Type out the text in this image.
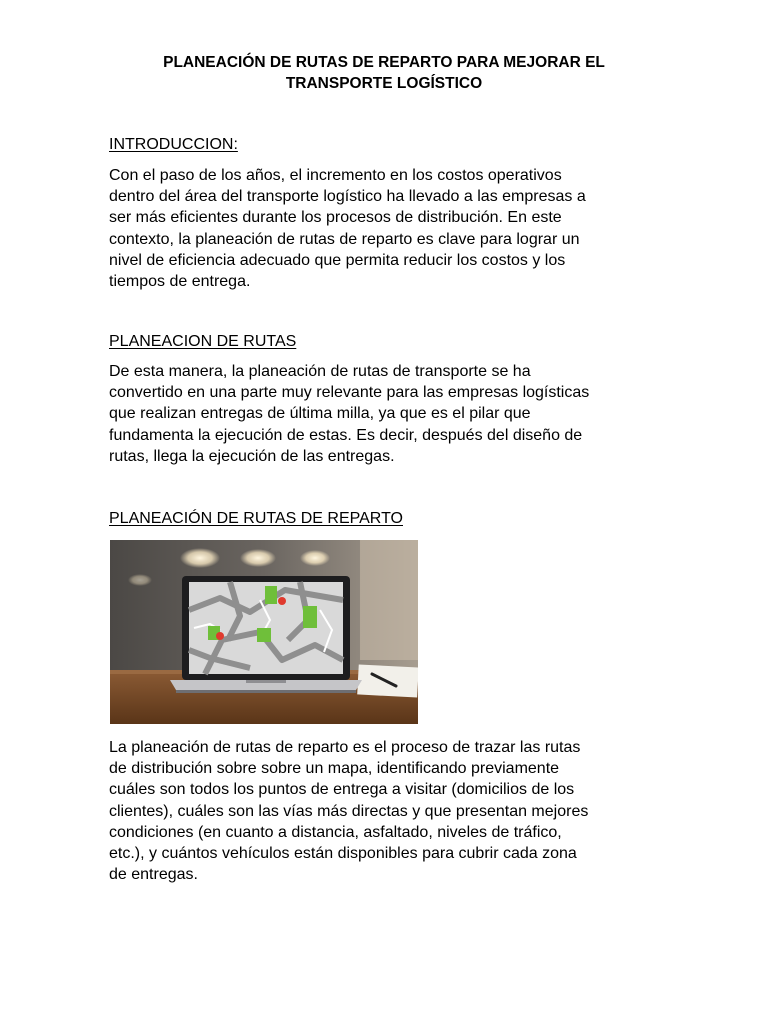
PLANEACIÓN DE RUTAS DE REPARTO PARA MEJORAR EL
TRANSPORTE LOGÍSTICO
INTRODUCCION:

Con el paso de los años, el incremento en los costos operativos
dentro del área del transporte logístico ha llevado a las empresas a
ser más eficientes durante los procesos de distribución. En este
contexto, la planeación de rutas de reparto es clave para lograr un
nivel de eficiencia adecuado que permita reducir los costos y los
tiempos de entrega.

PLANEACION DE RUTAS

De esta manera, la planeación de rutas de transporte se ha
convertido en una parte muy relevante para las empresas logísticas
que realizan entregas de última milla, ya que es el pilar que
fundamenta la ejecución de estas. Es decir, después del diseño de
rutas, llega la ejecución de las entregas.

PLANEACIÓN DE RUTAS DE REPARTO

La planeación de rutas de reparto es el proceso de trazar las rutas
de distribución sobre sobre un mapa, identificando previamente
cuáles son todos los puntos de entrega a visitar (domicilios de los
clientes), cuáles son las vías más directas y que presentan mejores
condiciones (en cuanto a distancia, asfaltado, niveles de tráfico,
etc.), y cuántos vehículos están disponibles para cubrir cada zona
de entregas.
